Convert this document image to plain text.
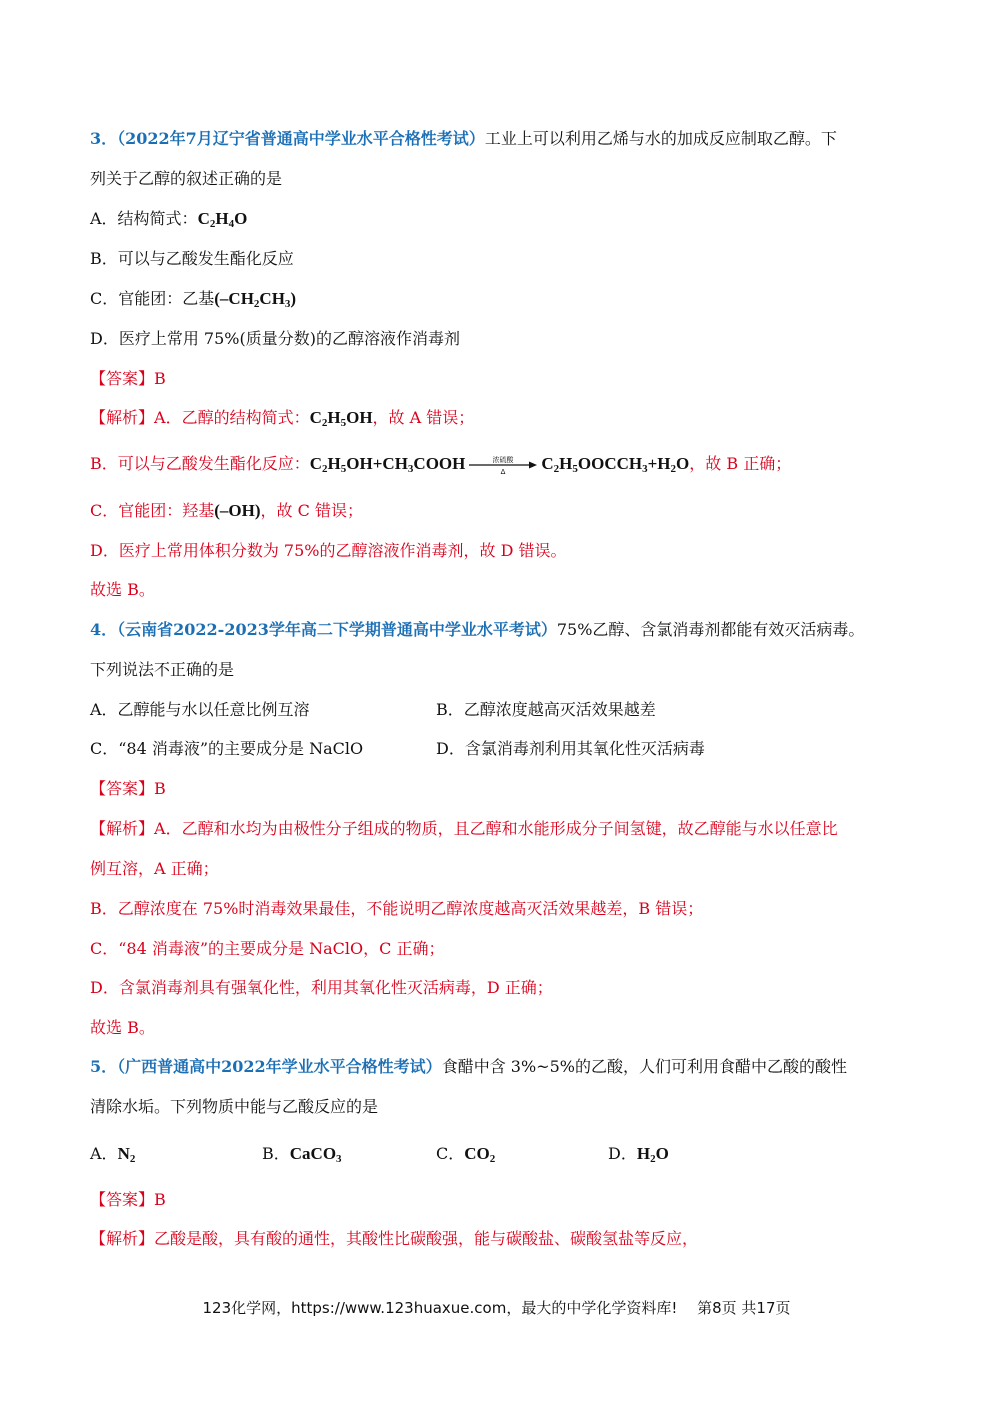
3．（2022年7月辽宁省普通高中学业水平合格性考试）工业上可以利用乙烯与水的加成反应制取乙醇。下
列关于乙醇的叙述正确的是
A．结构简式：$C_2H_4O$
B．可以与乙酸发生酯化反应
C．官能团：乙基$(-CH_2CH_3)$
D．医疗上常用 75%(质量分数)的乙醇溶液作消毒剂
【答案】B
【解析】A．乙醇的结构简式：$C_2H_5OH$，故 A 错误；
B．可以与乙酸发生酯化反应：$C_2H_5OH+CH_3COOH$	浓硫酸
Δ $C_2H_5OOCCH_3+H_2O$，故 B 正确；
C．官能团：羟基(–OH)，故 C 错误；
D．医疗上常用体积分数为 75%的乙醇溶液作消毒剂，故 D 错误。
故选 B。
4．（云南省2022-2023学年高二下学期普通高中学业水平考试）75%乙醇、含氯消毒剂都能有效灭活病毒。
下列说法不正确的是
A．乙醇能与水以任意比例互溶	B．乙醇浓度越高灭活效果越差
C．“84 消毒液”的主要成分是 NaClO	D．含氯消毒剂利用其氧化性灭活病毒
【答案】B
【解析】A．乙醇和水均为由极性分子组成的物质，且乙醇和水能形成分子间氢键，故乙醇能与水以任意比
例互溶，A 正确；
B．乙醇浓度在 75%时消毒效果最佳，不能说明乙醇浓度越高灭活效果越差，B 错误；
C．“84 消毒液”的主要成分是 NaClO，C 正确；
D．含氯消毒剂具有强氧化性，利用其氧化性灭活病毒，D 正确；
故选 B。
5．（广西普通高中2022年学业水平合格性考试）食醋中含 3%~5%的乙酸，人们可利用食醋中乙酸的酸性
清除水垢。下列物质中能与乙酸反应的是
A．$N_2$	B．CaCO$_3$	C．$CO_2$	D．$H_2O$
【答案】B
【解析】乙酸是酸，具有酸的通性，其酸性比碳酸强，能与碳酸盐、碳酸氢盐等反应，
123化学网，https://www.123huaxue.com，最大的中学化学资料库!　 第8页 共17页
